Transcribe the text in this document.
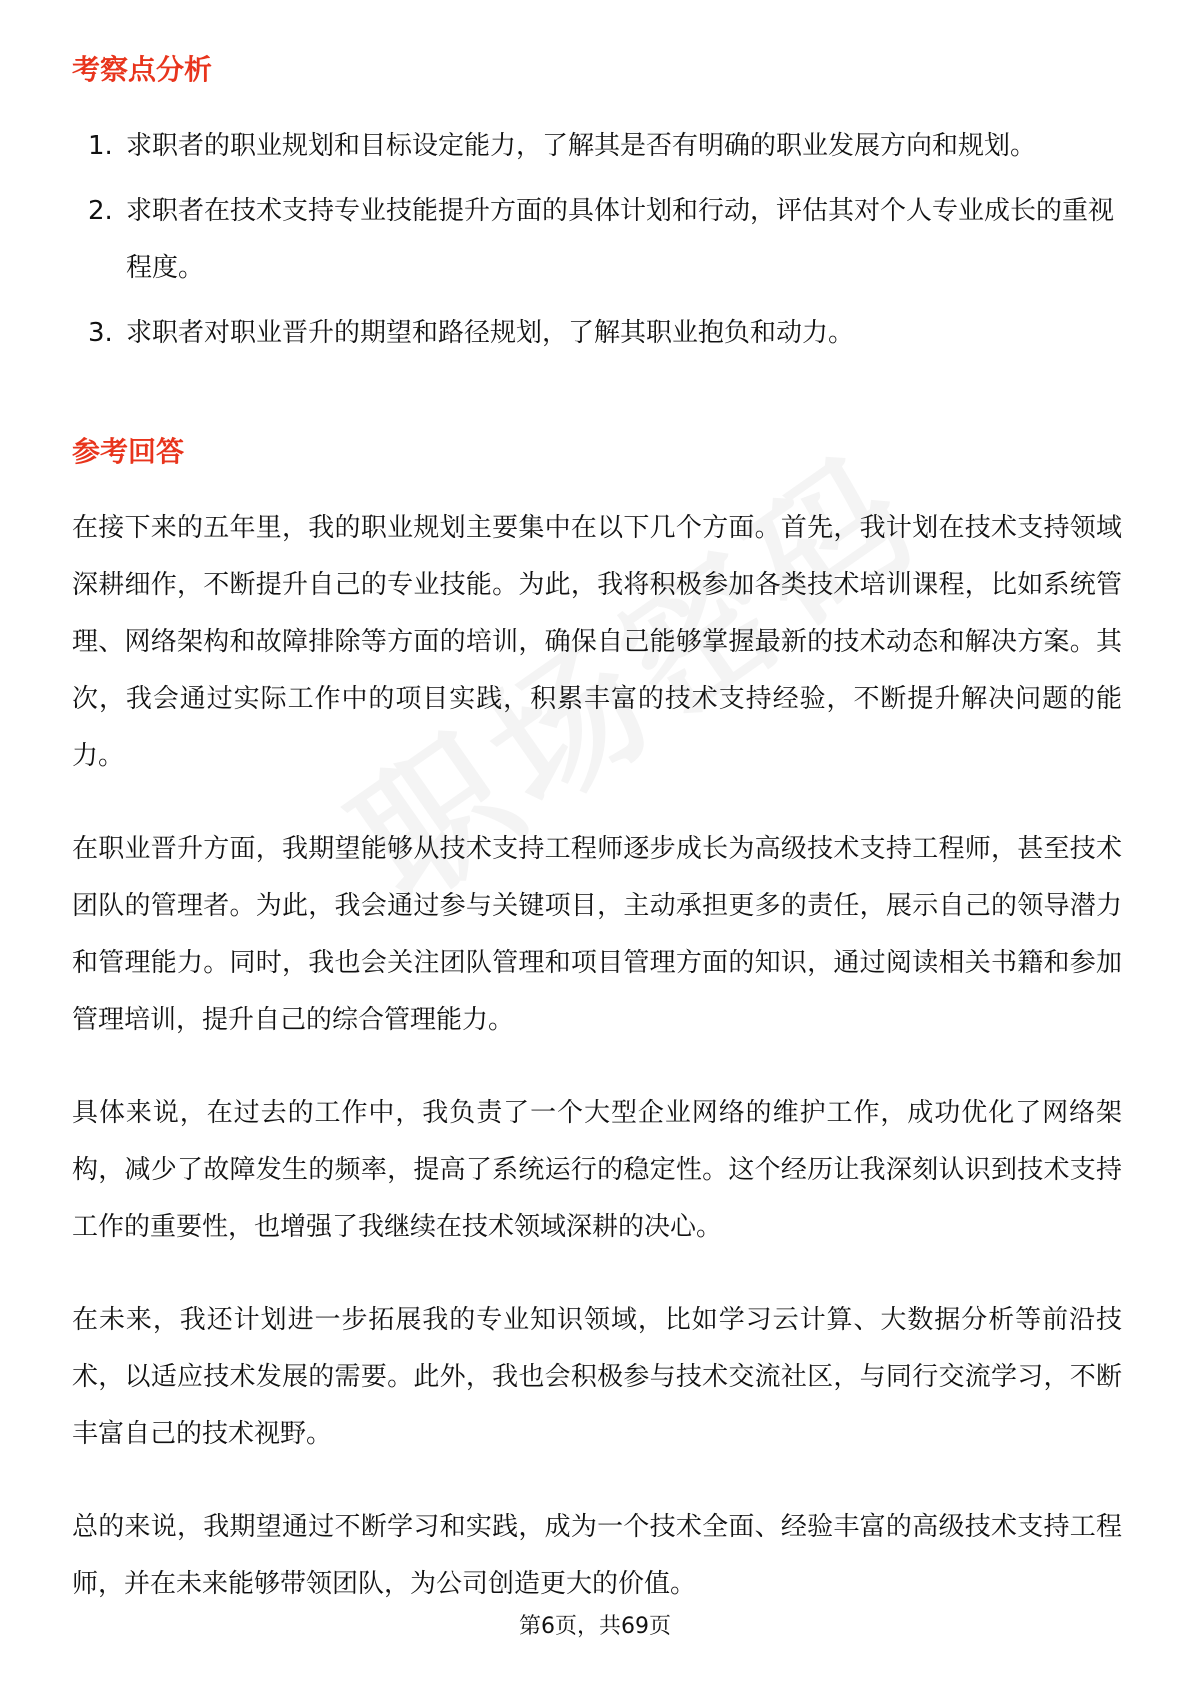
考察点分析
1. 求职者的职业规划和目标设定能力，了解其是否有明确的职业发展方向和规划。
2. 求职者在技术支持专业技能提升方面的具体计划和行动，评估其对个人专业成长的重视程度。
3. 求职者对职业晋升的期望和路径规划，了解其职业抱负和动力。
参考回答

在接下来的五年里，我的职业规划主要集中在以下几个方面。首先，我计划在技术支持领域深耕细作，不断提升自己的专业技能。为此，我将积极参加各类技术培训课程，比如系统管理、网络架构和故障排除等方面的培训，确保自己能够掌握最新的技术动态和解决方案。其次，我会通过实际工作中的项目实践，积累丰富的技术支持经验，不断提升解决问题的能力。

在职业晋升方面，我期望能够从技术支持工程师逐步成长为高级技术支持工程师，甚至技术团队的管理者。为此，我会通过参与关键项目，主动承担更多的责任，展示自己的领导潜力和管理能力。同时，我也会关注团队管理和项目管理方面的知识，通过阅读相关书籍和参加管理培训，提升自己的综合管理能力。

具体来说，在过去的工作中，我负责了一个大型企业网络的维护工作，成功优化了网络架构，减少了故障发生的频率，提高了系统运行的稳定性。这个经历让我深刻认识到技术支持工作的重要性，也增强了我继续在技术领域深耕的决心。

在未来，我还计划进一步拓展我的专业知识领域，比如学习云计算、大数据分析等前沿技术，以适应技术发展的需要。此外，我也会积极参与技术交流社区，与同行交流学习，不断丰富自己的技术视野。

总的来说，我期望通过不断学习和实践，成为一个技术全面、经验丰富的高级技术支持工程师，并在未来能够带领团队，为公司创造更大的价值。

第6页，共69页
